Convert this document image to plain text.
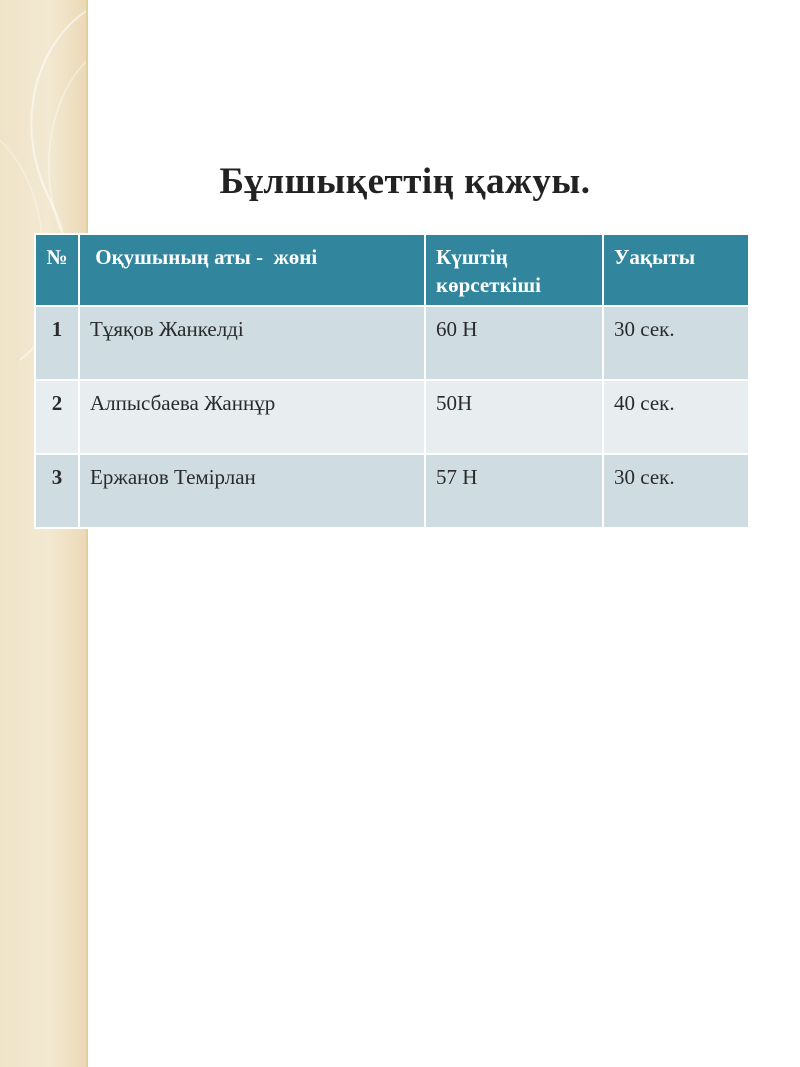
Бұлшықеттің қажуы.
№	Оқушының аты -  жөні	Күштің көрсеткіші	Уақыты
1	Тұяқов Жанкелді	60 Н	30 сек.
2	Алпысбаева Жаннұр	50Н	40 сек.
3	Ержанов Темірлан	57 Н	30 сек.
